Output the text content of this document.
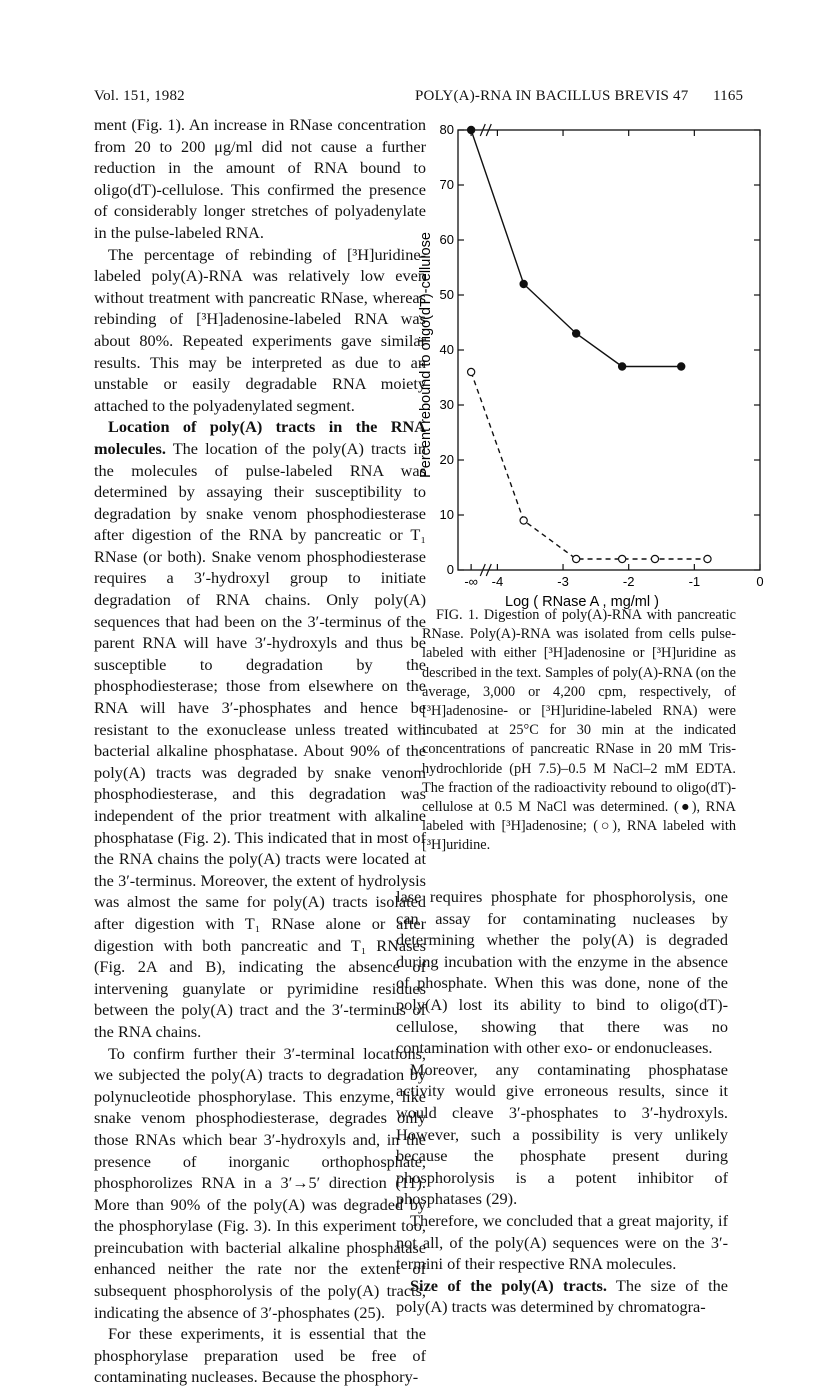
Vol. 151, 1982	POLY(A)-RNA IN BACILLUS BREVIS 47 1165

ment (Fig. 1). An increase in RNase concentration from 20 to 200 μg/ml did not cause a further reduction in the amount of RNA bound to oligo(dT)-cellulose. This confirmed the presence of considerably longer stretches of polyadenylate in the pulse-labeled RNA.

The percentage of rebinding of [³H]uridine-labeled poly(A)-RNA was relatively low even without treatment with pancreatic RNase, whereas rebinding of [³H]adenosine-labeled RNA was about 80%. Repeated experiments gave similar results. This may be interpreted as due to an unstable or easily degradable RNA moiety attached to the polyadenylated segment.

Location of poly(A) tracts in the RNA molecules. The location of the poly(A) tracts in the molecules of pulse-labeled RNA was determined by assaying their susceptibility to degradation by snake venom phosphodiesterase after digestion of the RNA by pancreatic or T₁ RNase (or both). Snake venom phosphodiesterase requires a 3′-hydroxyl group to initiate degradation of RNA chains. Only poly(A) sequences that had been on the 3′-terminus of the parent RNA will have 3′-hydroxyls and thus be susceptible to degradation by the phosphodiesterase; those from elsewhere on the RNA will have 3′-phosphates and hence be resistant to the exonuclease unless treated with bacterial alkaline phosphatase. About 90% of the poly(A) tracts was degraded by snake venom phosphodiesterase, and this degradation was independent of the prior treatment with alkaline phosphatase (Fig. 2). This indicated that in most of the RNA chains the poly(A) tracts were located at the 3′-terminus. Moreover, the extent of hydrolysis was almost the same for poly(A) tracts isolated after digestion with T₁ RNase alone or after digestion with both pancreatic and T₁ RNases (Fig. 2A and B), indicating the absence of intervening guanylate or pyrimidine residues between the poly(A) tract and the 3′-terminus of the RNA chains.

To confirm further their 3′-terminal locations, we subjected the poly(A) tracts to degradation by polynucleotide phosphorylase. This enzyme, like snake venom phosphodiesterase, degrades only those RNAs which bear 3′-hydroxyls and, in the presence of inorganic orthophosphate, phosphorolizes RNA in a 3′→5′ direction (11). More than 90% of the poly(A) was degraded by the phosphorylase (Fig. 3). In this experiment too, preincubation with bacterial alkaline phosphatase enhanced neither the rate nor the extent of subsequent phosphorolysis of the poly(A) tracts, indicating the absence of 3′-phosphates (25).

For these experiments, it is essential that the phosphorylase preparation used be free of contaminating nucleases. Because the phosphory-

0
10
20
30
40
50
60
70
80
-∞ -4	-3	-2	-1	0
Log ( RNase A , mg/ml )
Percent rebound to oligo(dT)-cellulose

FIG. 1. Digestion of poly(A)-RNA with pancreatic RNase. Poly(A)-RNA was isolated from cells pulse-labeled with either [³H]adenosine or [³H]uridine as described in the text. Samples of poly(A)-RNA (on the average, 3,000 or 4,200 cpm, respectively, of [³H]adenosine- or [³H]uridine-labeled RNA) were incubated at 25°C for 30 min at the indicated concentrations of pancreatic RNase in 20 mM Tris-hydrochloride (pH 7.5)–0.5 M NaCl–2 mM EDTA. The fraction of the radioactivity rebound to oligo(dT)-cellulose at 0.5 M NaCl was determined. (●), RNA labeled with [³H]adenosine; (○), RNA labeled with [³H]uridine.

lase requires phosphate for phosphorolysis, one can assay for contaminating nucleases by determining whether the poly(A) is degraded during incubation with the enzyme in the absence of phosphate. When this was done, none of the poly(A) lost its ability to bind to oligo(dT)-cellulose, showing that there was no contamination with other exo- or endonucleases.

Moreover, any contaminating phosphatase activity would give erroneous results, since it would cleave 3′-phosphates to 3′-hydroxyls. However, such a possibility is very unlikely because the phosphate present during phosphorolysis is a potent inhibitor of phosphatases (29).

Therefore, we concluded that a great majority, if not all, of the poly(A) sequences were on the 3′-termini of their respective RNA molecules.

Size of the poly(A) tracts. The size of the poly(A) tracts was determined by chromatogra-
